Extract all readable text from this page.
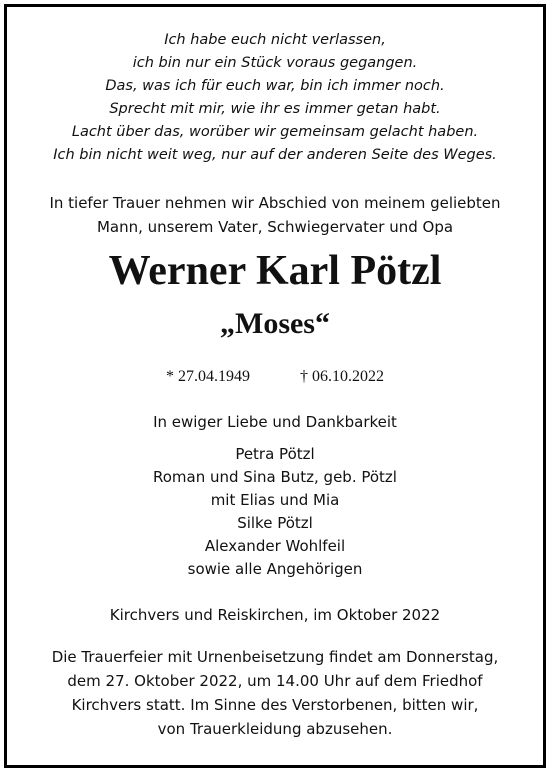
Ich habe euch nicht verlassen,
ich bin nur ein Stück voraus gegangen.
Das, was ich für euch war, bin ich immer noch.
Sprecht mit mir, wie ihr es immer getan habt.
Lacht über das, worüber wir gemeinsam gelacht haben.
Ich bin nicht weit weg, nur auf der anderen Seite des Weges.
In tiefer Trauer nehmen wir Abschied von meinem geliebten
Mann, unserem Vater, Schwiegervater und Opa
Werner Karl Pötzl
„Moses“
* 27.04.1949	† 06.10.2022
In ewiger Liebe und Dankbarkeit
Petra Pötzl
Roman und Sina Butz, geb. Pötzl
mit Elias und Mia
Silke Pötzl
Alexander Wohlfeil
sowie alle Angehörigen
Kirchvers und Reiskirchen, im Oktober 2022
Die Trauerfeier mit Urnenbeisetzung findet am Donnerstag,
dem 27. Oktober 2022, um 14.00 Uhr auf dem Friedhof
Kirchvers statt. Im Sinne des Verstorbenen, bitten wir,
von Trauerkleidung abzusehen.
